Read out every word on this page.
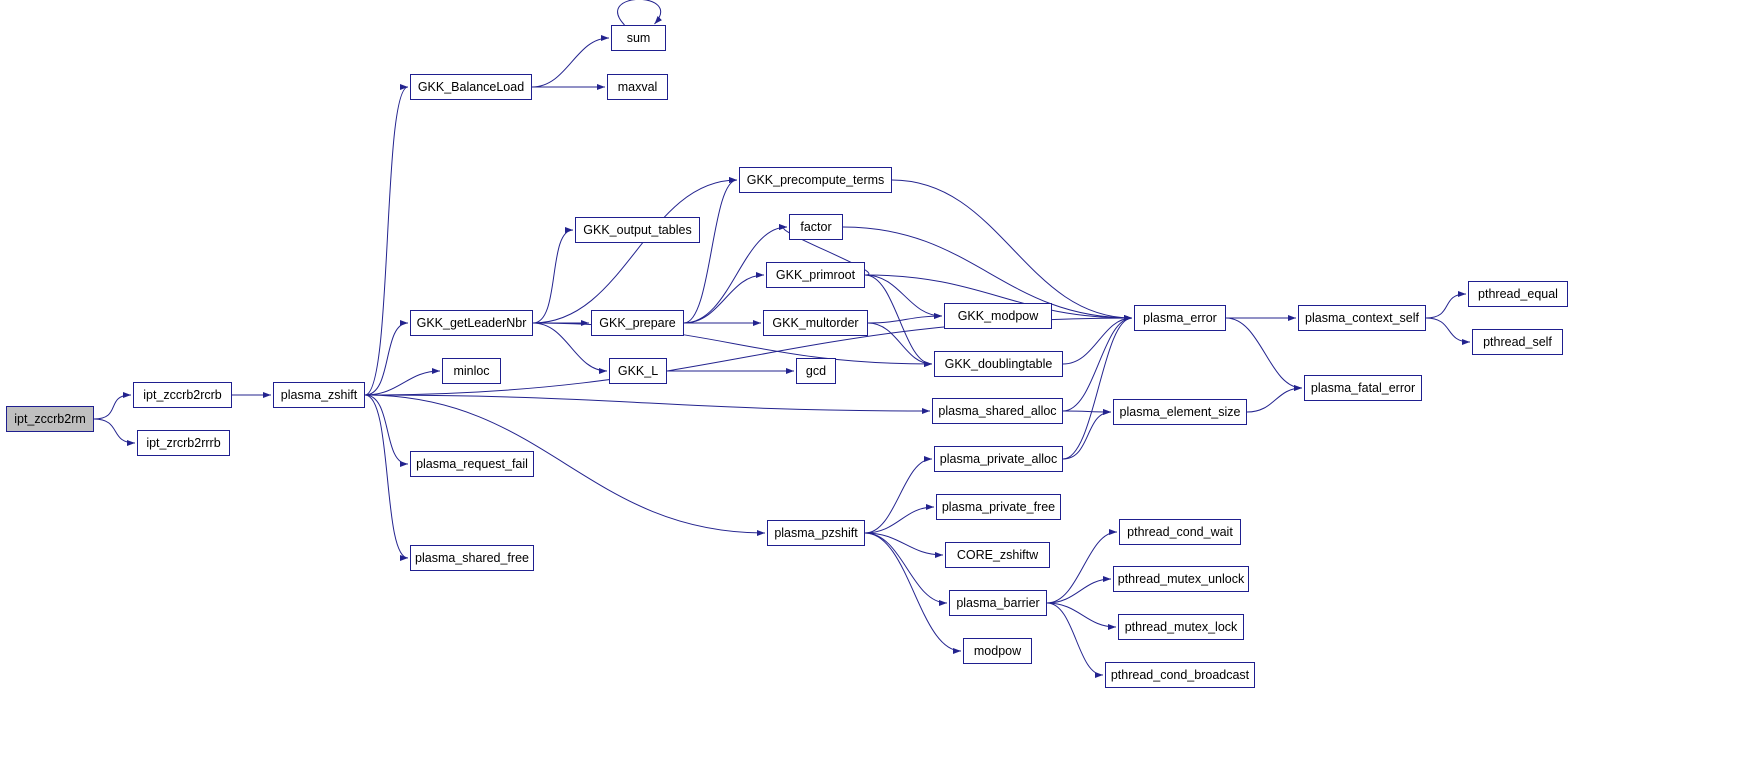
ipt_zccrb2rm
ipt_zccrb2rcrb
ipt_zrcrb2rrrb
plasma_zshift
GKK_BalanceLoad
sum
maxval
GKK_getLeaderNbr
minloc
plasma_request_fail
plasma_shared_free
GKK_output_tables
GKK_prepare
GKK_L
GKK_precompute_terms
factor
GKK_primroot
GKK_multorder
gcd
GKK_modpow
GKK_doublingtable
plasma_error	plasma_context_self
pthread_equal
pthread_self
plasma_fatal_error
plasma_shared_alloc	plasma_element_size
plasma_private_alloc
plasma_private_free
plasma_pzshift
CORE_zshiftw
plasma_barrier
modpow
pthread_cond_wait
pthread_mutex_unlock
pthread_mutex_lock
pthread_cond_broadcast
